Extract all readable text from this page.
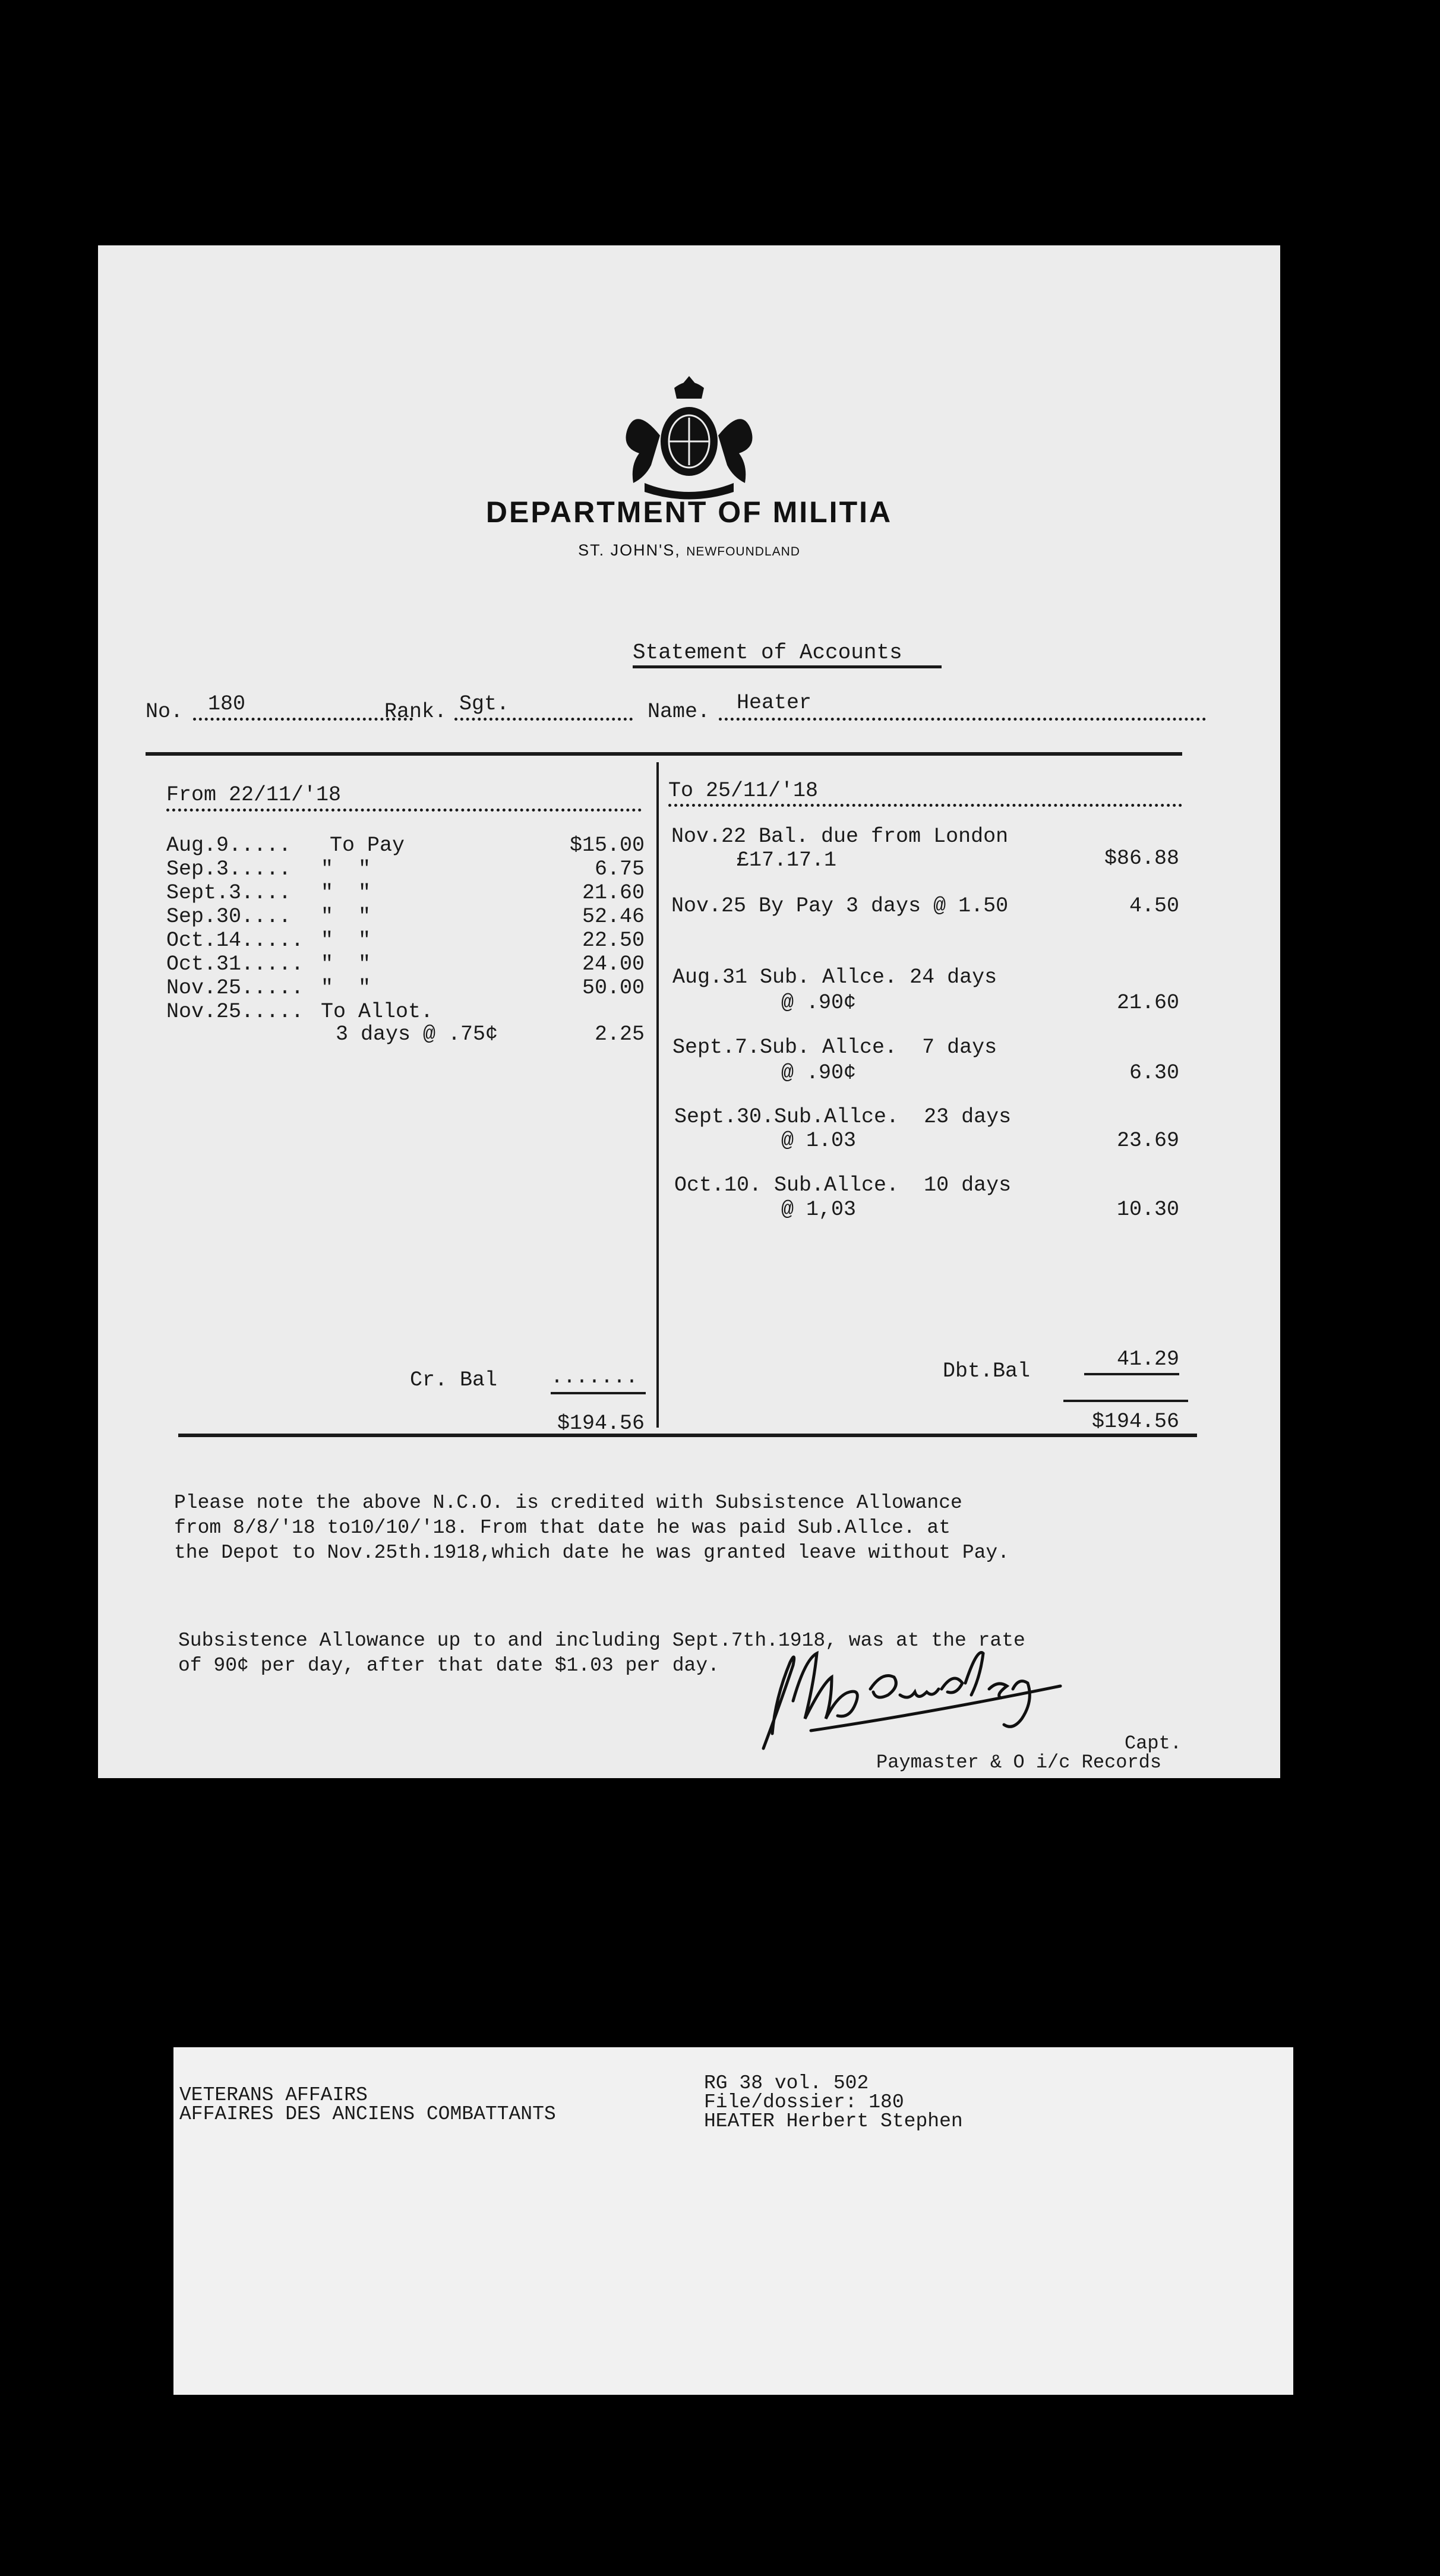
DEPARTMENT OF MILITIA
ST. JOHN'S, NEWFOUNDLAND
Statement of Accounts
No. 180	Rank. Sgt.	Name. Heater
From 22/11/'18
Aug.9..... To Pay	$15.00
Sep.3..... "  "	6.75
Sept.3.... "  "	21.60
Sep.30.... "  "	52.46
Oct.14..... "  "	22.50
Oct.31..... "  "	24.00
Nov.25..... "  "	50.00
Nov.25..... To Allot.
3 days @ .75¢	2.25
Cr. Bal	.......
$194.56
To 25/11/'18
Nov.22 Bal. due from London
£17.17.1	$86.88
Nov.25 By Pay 3 days @ 1.50	4.50
Aug.31 Sub. Allce. 24 days
@ .90¢	21.60
Sept.7.Sub. Allce.  7 days
@ .90¢	6.30
Sept.30.Sub.Allce.  23 days
@ 1.03	23.69
Oct.10. Sub.Allce.  10 days
@ 1,03	10.30
Dbt.Bal	41.29
$194.56
Please note the above N.C.O. is credited with Subsistence Allowance
from 8/8/'18 to10/10/'18. From that date he was paid Sub.Allce. at
the Depot to Nov.25th.1918,which date he was granted leave without Pay.
Subsistence Allowance up to and including Sept.7th.1918, was at the rate
of 90¢ per day, after that date $1.03 per day.
Capt.
Paymaster & O i/c Records
VETERANS AFFAIRS
AFFAIRES DES ANCIENS COMBATTANTS
RG 38 vol. 502
File/dossier: 180
HEATER Herbert Stephen
